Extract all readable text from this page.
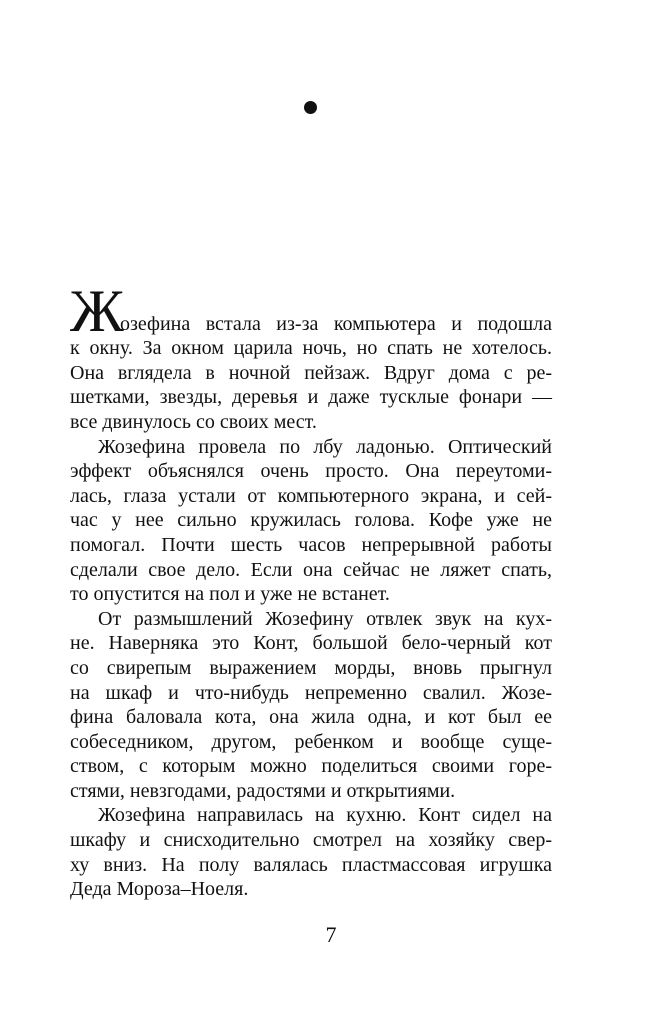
Ж
озефина встала из-за компьютера и подошла
к окну. За окном царила ночь, но спать не хотелось.
Она вглядела в ночной пейзаж. Вдруг дома с ре-
шетками, звезды, деревья и даже тусклые фонари —
все двинулось со своих мест.
Жозефина провела по лбу ладонью. Оптический
эффект объяснялся очень просто. Она переутоми-
лась, глаза устали от компьютерного экрана, и сей-
час у нее сильно кружилась голова. Кофе уже не
помогал. Почти шесть часов непрерывной работы
сделали свое дело. Если она сейчас не ляжет спать,
то опустится на пол и уже не встанет.
От размышлений Жозефину отвлек звук на кух-
не. Наверняка это Конт, большой бело-черный кот
со свирепым выражением морды, вновь прыгнул
на шкаф и что-нибудь непременно свалил. Жозе-
фина баловала кота, она жила одна, и кот был ее
собеседником, другом, ребенком и вообще суще-
ством, с которым можно поделиться своими горе-
стями, невзгодами, радостями и открытиями.
Жозефина направилась на кухню. Конт сидел на
шкафу и снисходительно смотрел на хозяйку свер-
ху вниз. На полу валялась пластмассовая игрушка
Деда Мороза–Ноеля.
7
